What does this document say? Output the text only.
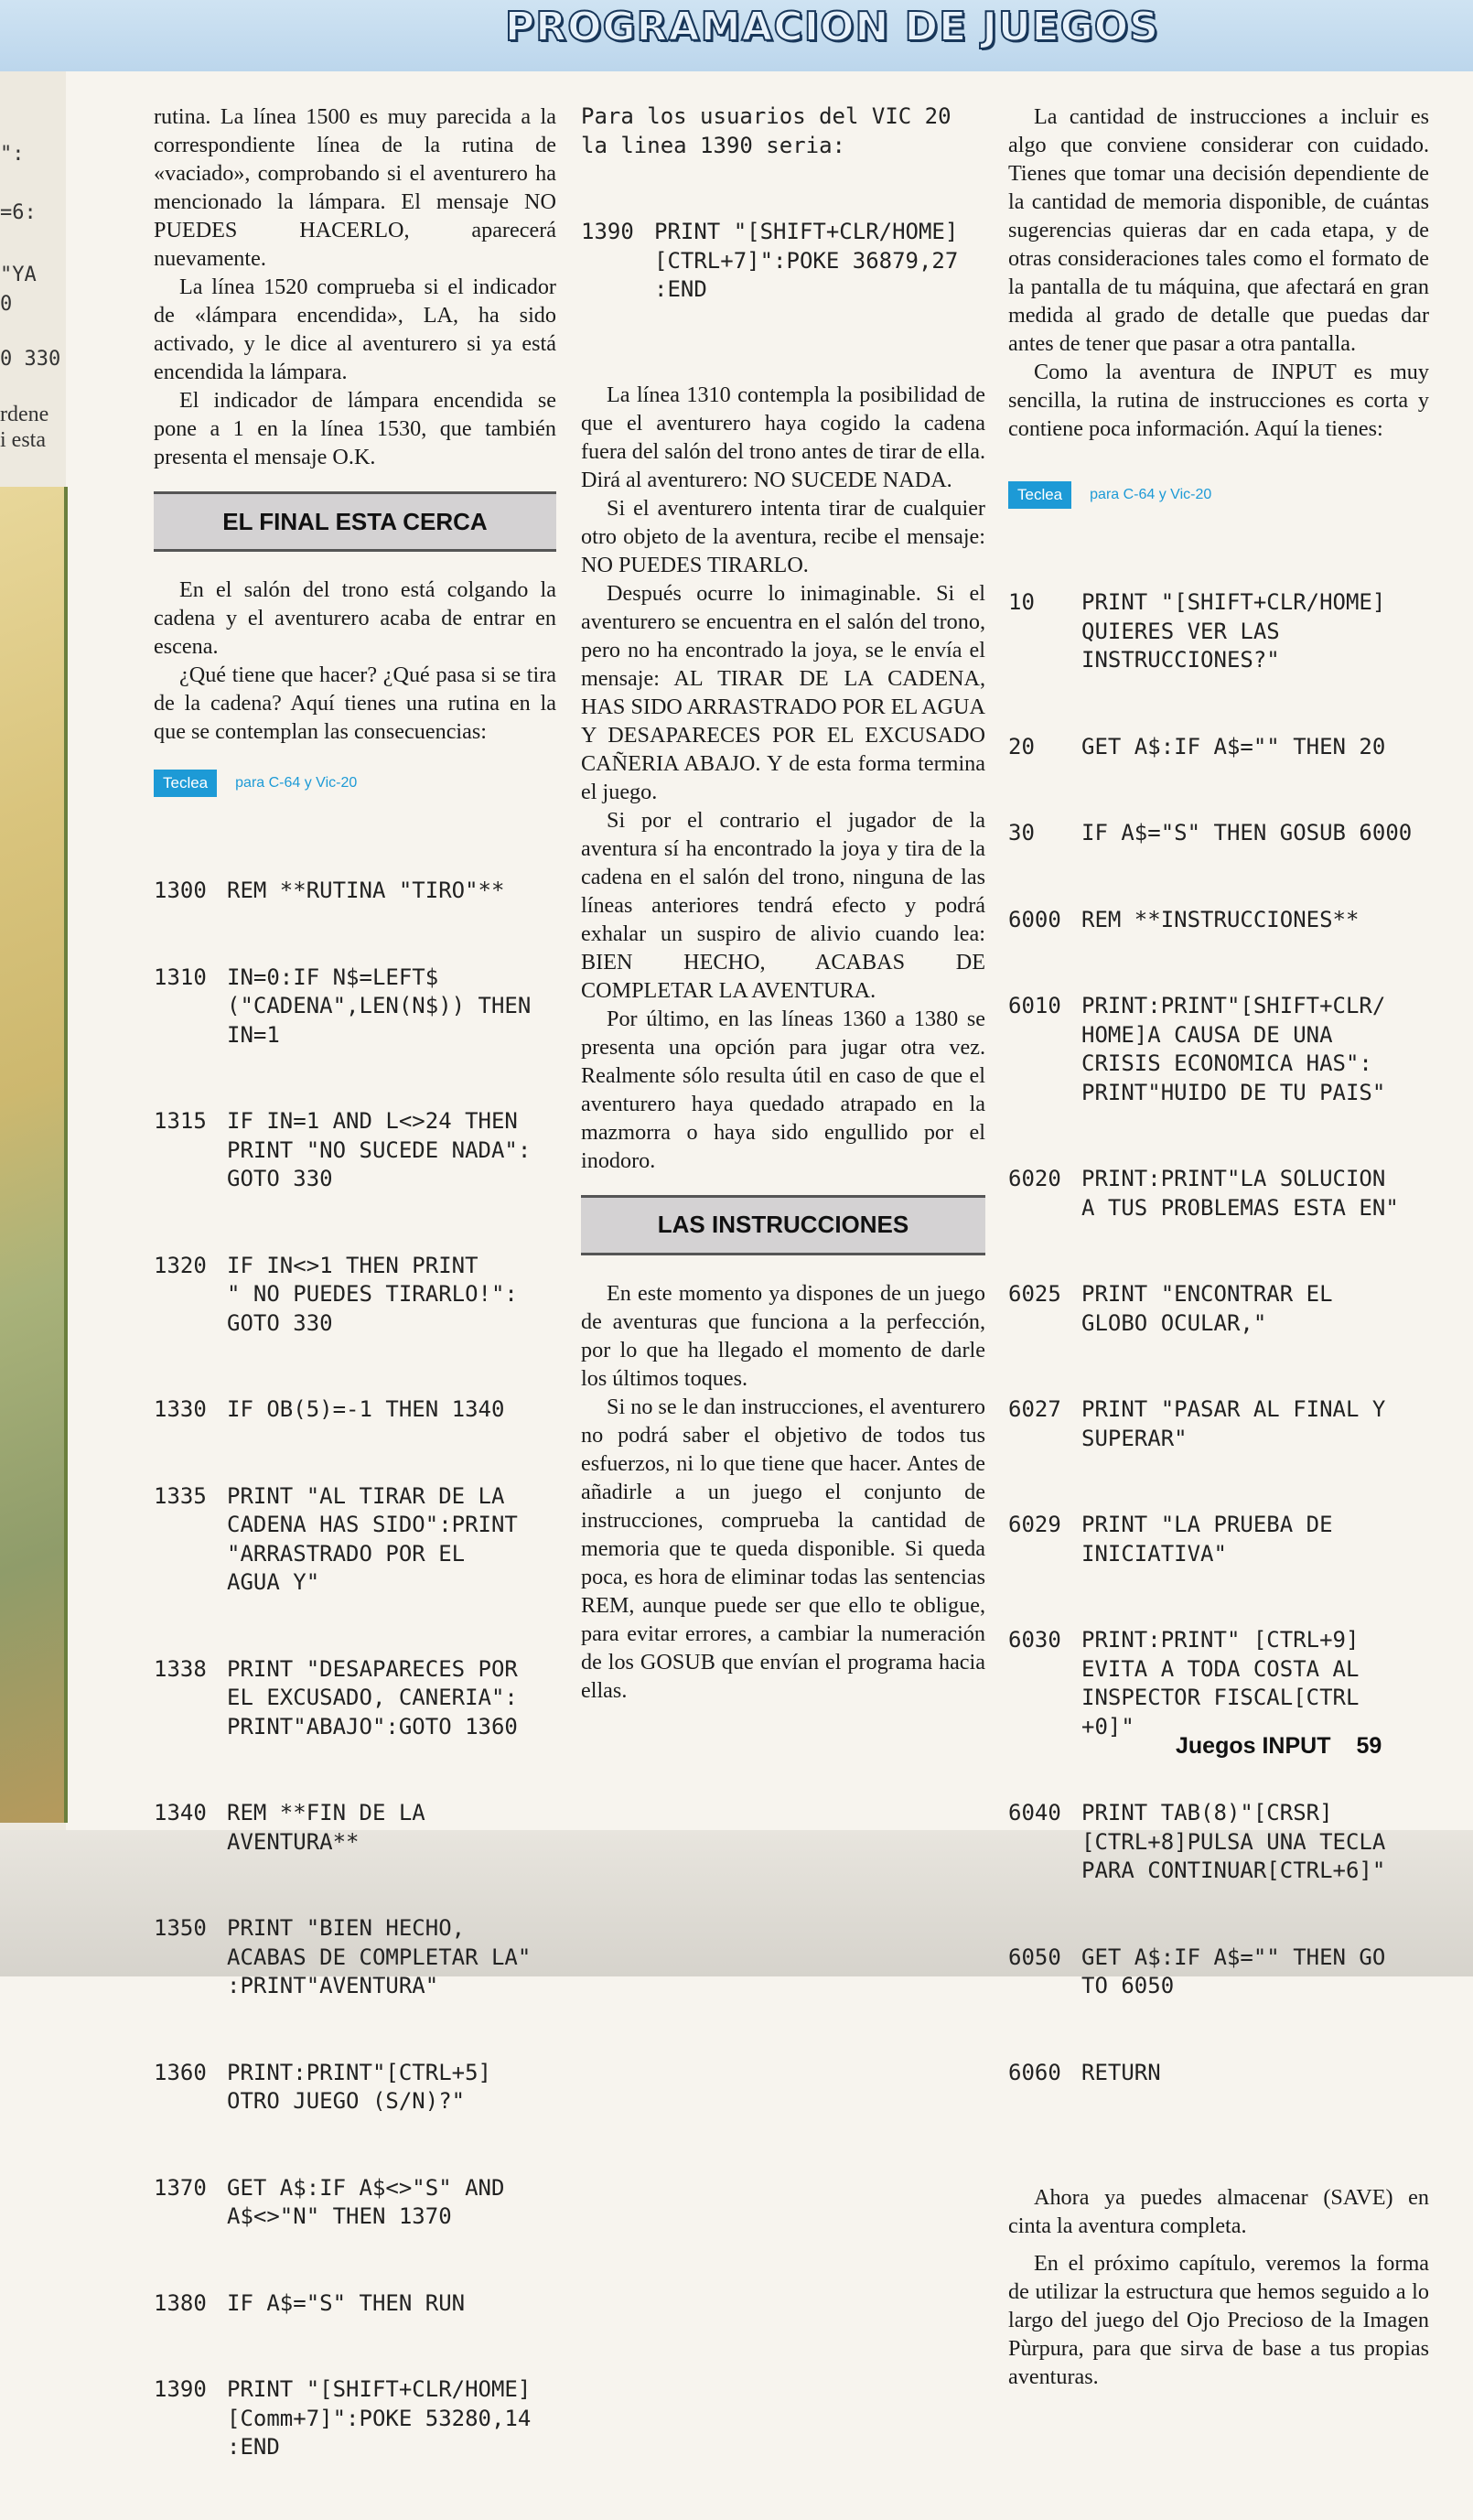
PROGRAMACION DE JUEGOS
":
=6:
"YA
0
0 330
rdene
i esta

rutina. La línea 1500 es muy parecida a la correspondiente línea de la rutina de «vaciado», comprobando si el aventurero ha mencionado la lámpara. El mensaje NO PUEDES HACERLO, aparecerá nuevamente.

La línea 1520 comprueba si el indicador de «lámpara encendida», LA, ha sido activado, y le dice al aventurero si ya está encendida la lámpara.

El indicador de lámpara encendida se pone a 1 en la línea 1530, que también presenta el mensaje O.K.

EL FINAL ESTA CERCA

En el salón del trono está colgando la cadena y el aventurero acaba de entrar en escena.

¿Qué tiene que hacer? ¿Qué pasa si se tira de la cadena? Aquí tienes una rutina en la que se contemplan las consecuencias:

Teclea	para C-64 y Vic-20

1300 REM **RUTINA "TIRO"**

1310 IN=0:IF N$=LEFT$
("CADENA",LEN(N$)) THEN
IN=1

1315 IF IN=1 AND L<>24 THEN
PRINT "NO SUCEDE NADA":
GOTO 330

1320 IF IN<>1 THEN PRINT
" NO PUEDES TIRARLO!":
GOTO 330

1330 IF OB(5)=-1 THEN 1340

1335 PRINT "AL TIRAR DE LA
CADENA HAS SIDO":PRINT
"ARRASTRADO POR EL
AGUA Y"

1338 PRINT "DESAPARECES POR
EL EXCUSADO, CANERIA":
PRINT"ABAJO":GOTO 1360

1340 REM **FIN DE LA
AVENTURA**

1350 PRINT "BIEN HECHO,
ACABAS DE COMPLETAR LA"
:PRINT"AVENTURA"

1360 PRINT:PRINT"[CTRL+5]
OTRO JUEGO (S/N)?"

1370 GET A$:IF A$<>"S" AND
A$<>"N" THEN 1370

1380 IF A$="S" THEN RUN

1390 PRINT "[SHIFT+CLR/HOME]
[Comm+7]":POKE 53280,14
:END

Para los usuarios del VIC 20
la linea 1390 seria:

1390 PRINT "[SHIFT+CLR/HOME]
[CTRL+7]":POKE 36879,27
:END

La línea 1310 contempla la posibilidad de que el aventurero haya cogido la cadena fuera del salón del trono antes de tirar de ella. Dirá al aventurero: NO SUCEDE NADA.

Si el aventurero intenta tirar de cualquier otro objeto de la aventura, recibe el mensaje: NO PUEDES TIRARLO.

Después ocurre lo inimaginable. Si el aventurero se encuentra en el salón del trono, pero no ha encontrado la joya, se le envía el mensaje: AL TIRAR DE LA CADENA, HAS SIDO ARRASTRADO POR EL AGUA Y DESAPARECES POR EL EXCUSADO CAÑERIA ABAJO. Y de esta forma termina el juego.

Si por el contrario el jugador de la aventura sí ha encontrado la joya y tira de la cadena en el salón del trono, ninguna de las líneas anteriores tendrá efecto y podrá exhalar un suspiro de alivio cuando lea: BIEN HECHO, ACABAS DE COMPLETAR LA AVENTURA.

Por último, en las líneas 1360 a 1380 se presenta una opción para jugar otra vez. Realmente sólo resulta útil en caso de que el aventurero haya quedado atrapado en la mazmorra o haya sido engullido por el inodoro.

LAS INSTRUCCIONES

En este momento ya dispones de un juego de aventuras que funciona a la perfección, por lo que ha llegado el momento de darle los últimos toques.

Si no se le dan instrucciones, el aventurero no podrá saber el objetivo de todos tus esfuerzos, ni lo que tiene que hacer. Antes de añadirle a un juego el conjunto de instrucciones, comprueba la cantidad de memoria que te queda disponible. Si queda poca, es hora de eliminar todas las sentencias REM, aunque puede ser que ello te obligue, para evitar errores, a cambiar la numeración de los GOSUB que envían el programa hacia ellas.

La cantidad de instrucciones a incluir es algo que conviene considerar con cuidado. Tienes que tomar una decisión dependiente de la cantidad de memoria disponible, de cuántas sugerencias quieras dar en cada etapa, y de otras consideraciones tales como el formato de la pantalla de tu máquina, que afectará en gran medida al grado de detalle que puedas dar antes de tener que pasar a otra pantalla.

Como la aventura de INPUT es muy sencilla, la rutina de instrucciones es corta y contiene poca información. Aquí la tienes:

Teclea	para C-64 y Vic-20

10	PRINT "[SHIFT+CLR/HOME]
QUIERES VER LAS
INSTRUCCIONES?"

20	GET A$:IF A$="" THEN 20

30	IF A$="S" THEN GOSUB 6000

6000 REM **INSTRUCCIONES**

6010 PRINT:PRINT"[SHIFT+CLR/
HOME]A CAUSA DE UNA
CRISIS ECONOMICA HAS":
PRINT"HUIDO DE TU PAIS"

6020 PRINT:PRINT"LA SOLUCION
A TUS PROBLEMAS ESTA EN"

6025 PRINT "ENCONTRAR EL
GLOBO OCULAR,"

6027 PRINT "PASAR AL FINAL Y
SUPERAR"

6029 PRINT "LA PRUEBA DE
INICIATIVA"

6030 PRINT:PRINT" [CTRL+9]
EVITA A TODA COSTA AL
INSPECTOR FISCAL[CTRL
+0]"

6040 PRINT TAB(8)"[CRSR]
[CTRL+8]PULSA UNA TECLA
PARA CONTINUAR[CTRL+6]"

6050 GET A$:IF A$="" THEN GO
TO 6050

6060 RETURN

Ahora ya puedes almacenar (SAVE) en cinta la aventura completa.

En el próximo capítulo, veremos la forma de utilizar la estructura que hemos seguido a lo largo del juego del Ojo Precioso de la Imagen Pùrpura, para que sirva de base a tus propias aventuras.

Juegos INPUT 59
